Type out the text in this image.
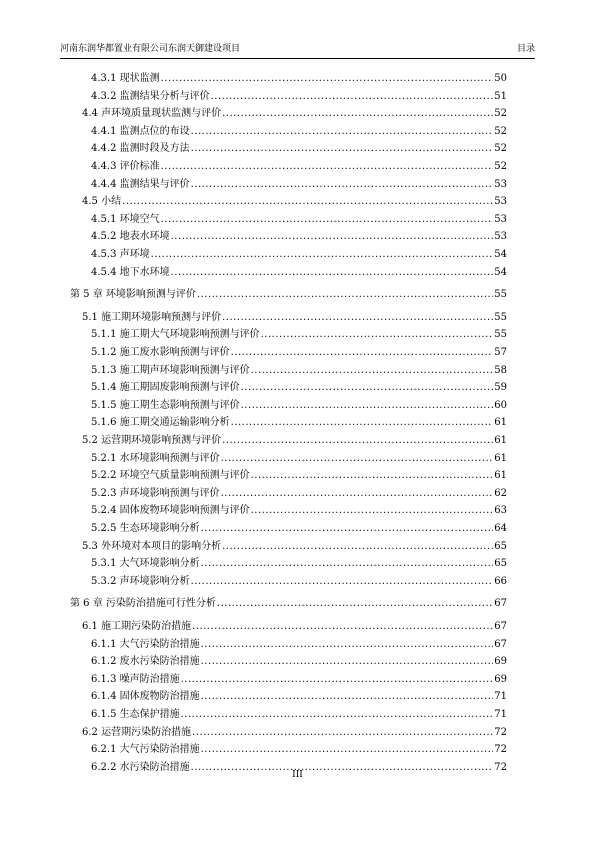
河南东润华都置业有限公司东润天御建设项目	目录
4.3.1 现状监测 .....	50
4.3.2 监测结果分析与评价 .....	51
4.4 声环境质量现状监测与评价 .....	52
4.4.1 监测点位的布设 .....	52
4.4.2 监测时段及方法 .....	52
4.4.3 评价标准 .....	52
4.4.4 监测结果与评价 .....	53
4.5 小结 .....	53
4.5.1 环境空气 .....	53
4.5.2 地表水环境 .....	53
4.5.3 声环境 .....	54
4.5.4 地下水环境 .....	54
第 5 章 环境影响预测与评价 .....	55
5.1 施工期环境影响预测与评价 .....	55
5.1.1 施工期大气环境影响预测与评价 .....	55
5.1.2 施工废水影响预测与评价 .....	57
5.1.3 施工期声环境影响预测与评价 .....	58
5.1.4 施工期固废影响预测与评价 .....	59
5.1.5 施工期生态影响预测与评价 .....	60
5.1.6 施工期交通运输影响分析 .....	61
5.2 运营期环境影响预测与评价 .....	61
5.2.1 水环境影响预测与评价 .....	61
5.2.2 环境空气质量影响预测与评价 .....	61
5.2.3 声环境影响预测与评价 .....	62
5.2.4 固体废物环境影响预测与评价 .....	63
5.2.5 生态环境影响分析 .....	64
5.3 外环境对本项目的影响分析 .....	65
5.3.1 大气环境影响分析 .....	65
5.3.2 声环境影响分析 .....	66
第 6 章 污染防治措施可行性分析 .....	67
6.1 施工期污染防治措施 .....	67
6.1.1 大气污染防治措施 .....	67
6.1.2 废水污染防治措施 .....	69
6.1.3 噪声防治措施 .....	69
6.1.4 固体废物防治措施 .....	71
6.1.5 生态保护措施 .....	71
6.2 运营期污染防治措施 .....	72
6.2.1 大气污染防治措施 .....	72
6.2.2 水污染防治措施 .....	72
III
